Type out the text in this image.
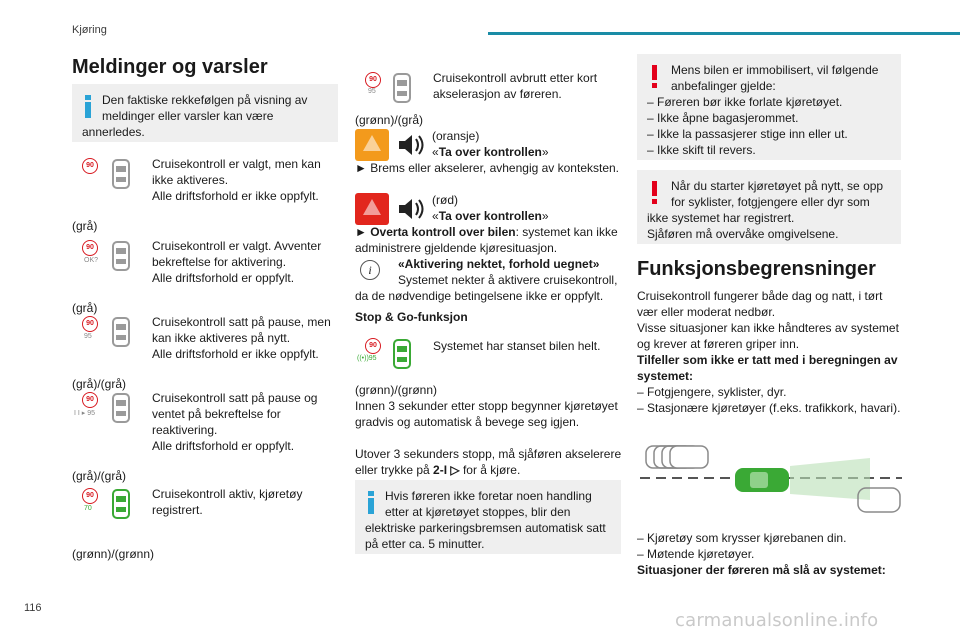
Kjøring
116
carmanualsonline.info
Meldinger og varsler
Den faktiske rekkefølgen på visning av meldinger eller varsler kan være annerledes.
90	Cruisekontroll er valgt, men kan ikke aktiveres.
Alle driftsforhold er ikke oppfylt.
(grå)
90
OK?
Cruisekontroll er valgt. Avventer bekreftelse for aktivering.
Alle driftsforhold er oppfylt.
(grå)
90
95
Cruisekontroll satt på pause, men kan ikke aktiveres på nytt.
Alle driftsforhold er ikke oppfylt.
(grå)/(grå)
90
I I ▸ 95
Cruisekontroll satt på pause og ventet på bekreftelse for reaktivering.
Alle driftsforhold er oppfylt.
(grå)/(grå)
90
70
Cruisekontroll aktiv, kjøretøy registrert.
(grønn)/(grønn)
90
95
Cruisekontroll avbrutt etter kort akselerasjon av føreren.
(grønn)/(grå)
(oransje)
«Ta over kontrollen»
► Brems eller akselerer, avhengig av konteksten.
(rød)
«Ta over kontrollen»
► Overta kontroll over bilen: systemet kan ikke administrere gjeldende kjøresituasjon.
i	«Aktivering nektet, forhold uegnet»
Systemet nekter å aktivere cruisekontroll, da de nødvendige betingelsene ikke er oppfylt.
Stop & Go-funksjon
90
((•))95
Systemet har stanset bilen helt.
(grønn)/(grønn)
Innen 3 sekunder etter stopp begynner kjøretøyet gradvis og automatisk å bevege seg igjen.
Utover 3 sekunders stopp, må sjåføren akselerere eller trykke på 2-I ▷ for å kjøre.
Hvis føreren ikke foretar noen handling etter at kjøretøyet stoppes, blir den elektriske parkeringsbremsen automatisk satt på etter ca. 5 minutter.
Mens bilen er immobilisert, vil følgende anbefalinger gjelde:
– Føreren bør ikke forlate kjøretøyet.
– Ikke åpne bagasjerommet.
– Ikke la passasjerer stige inn eller ut.
– Ikke skift til revers.
Når du starter kjøretøyet på nytt, se opp for syklister, fotgjengere eller dyr som ikke systemet har registrert.
Sjåføren må overvåke omgivelsene.
Funksjonsbegrensninger
Cruisekontroll fungerer både dag og natt, i tørt vær eller moderat nedbør.
Visse situasjoner kan ikke håndteres av systemet og krever at føreren griper inn.
Tilfeller som ikke er tatt med i beregningen av systemet:
– Fotgjengere, syklister, dyr.
– Stasjonære kjøretøyer (f.eks. trafikkork, havari).
– Kjøretøy som krysser kjørebanen din.
– Møtende kjøretøyer.
Situasjoner der føreren må slå av systemet:
